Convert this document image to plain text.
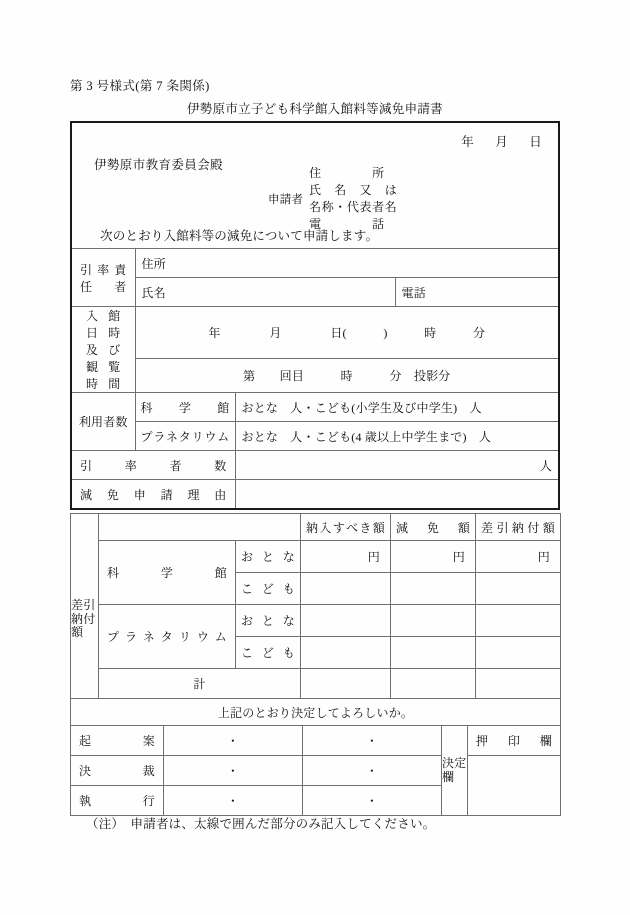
第 3 号様式(第 7 条関係)
伊勢原市立子ども科学館入館料等減免申請書
年 月 日
伊勢原市教育委員会殿
申請者
住　　　　所
氏　名　又　は
名称・代表者名
電　　　　話
次のとおり入館料等の減免について申請します。
引率責任者	住所		
	氏名		電話

入館日時及び	年　　　　月　　　　日(　　　)　　　時　　　分		

観覧時間	第　　回目　　　時　　　分　投影分		
利用者数	科学館	おとな　人・こども(小学生及び中学生)　人	
	プラネタリウム	おとな　人・こども(4 歳以上中学生まで)　人	
引率者数		人	
減免申請理由			
			納入すべき額	減免額	差引納付額

差引納付額	科学館	おとな	円	円	円
		こども			
	プラネタリウム	おとな			
		こども			
	計				
上記のとおり決定してよろしいか。					
起案	・	・	決定欄	押印欄
決裁	・	・		
執行	・	・		
（注）　申請者は、太線で囲んだ部分のみ記入してください。
